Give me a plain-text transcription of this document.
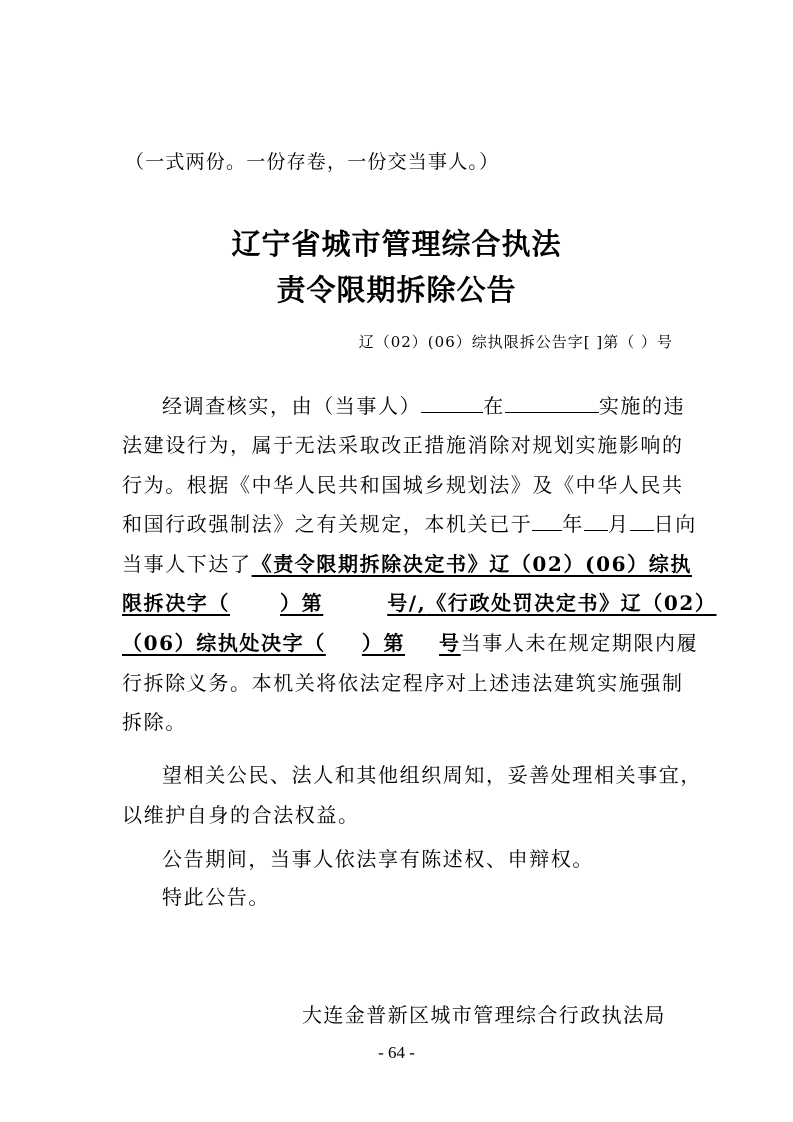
（一式两份。一份存卷，一份交当事人。）
辽宁省城市管理综合执法
责令限期拆除公告
辽（02）(06）综执限拆公告字[ ]第（ ）号
经调查核实，由（当事人）	在	实施的违
法建设行为，属于无法采取改正措施消除对规划实施影响的
行为。根据《中华人民共和国城乡规划法》及《中华人民共
和国行政强制法》之有关规定，本机关已于 年 月 日向
当事人下达了《责令限期拆除决定书》辽（02）(06）综执
限拆决字（	）第	号/,《行政处罚决定书》辽（02）
（06）综执处决字（ ）第 号当事人未在规定期限内履
行拆除义务。本机关将依法定程序对上述违法建筑实施强制
拆除。
望相关公民、法人和其他组织周知，妥善处理相关事宜，
以维护自身的合法权益。
公告期间，当事人依法享有陈述权、申辩权。
特此公告。
大连金普新区城市管理综合行政执法局
- 64 -
